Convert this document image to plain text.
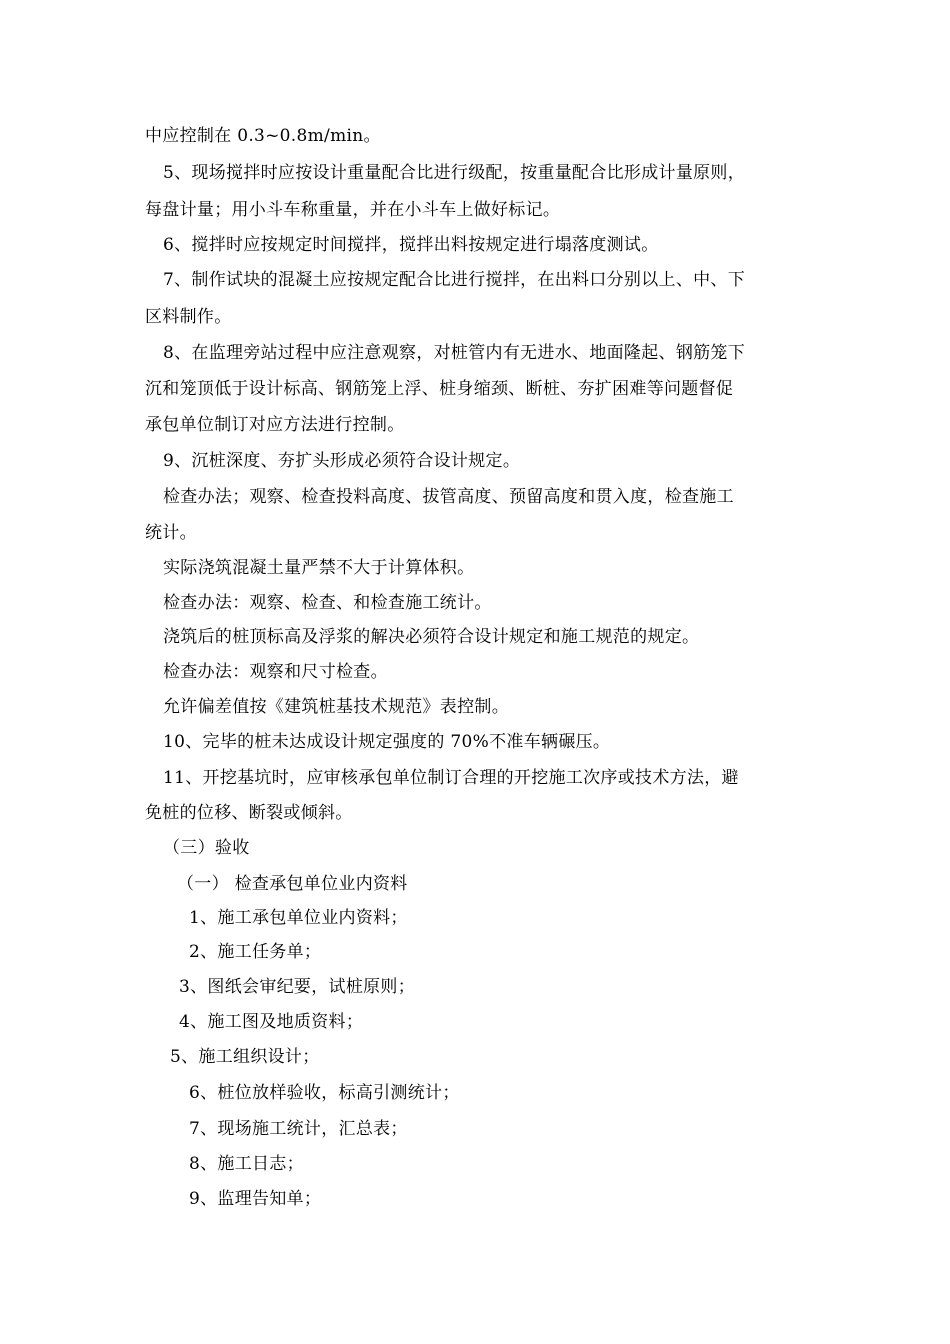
中应控制在 0.3~0.8m/min。
5、现场搅拌时应按设计重量配合比进行级配，按重量配合比形成计量原则，
每盘计量；用小斗车称重量，并在小斗车上做好标记。
6、搅拌时应按规定时间搅拌，搅拌出料按规定进行塌落度测试。
7、制作试块的混凝土应按规定配合比进行搅拌，在出料口分别以上、中、下
区料制作。
8、在监理旁站过程中应注意观察，对桩管内有无进水、地面隆起、钢筋笼下
沉和笼顶低于设计标高、钢筋笼上浮、桩身缩颈、断桩、夯扩困难等问题督促
承包单位制订对应方法进行控制。
9、沉桩深度、夯扩头形成必须符合设计规定。
检查办法；观察、检查投料高度、拔管高度、预留高度和贯入度，检查施工
统计。
实际浇筑混凝土量严禁不大于计算体积。
检查办法：观察、检查、和检查施工统计。
浇筑后的桩顶标高及浮浆的解决必须符合设计规定和施工规范的规定。
检查办法：观察和尺寸检查。
允许偏差值按《建筑桩基技术规范》表控制。
10、完毕的桩未达成设计规定强度的 70%不准车辆碾压。
11、开挖基坑时，应审核承包单位制订合理的开挖施工次序或技术方法，避
免桩的位移、断裂或倾斜。
（三）验收
（一） 检查承包单位业内资料
1、施工承包单位业内资料；
2、施工任务单；
3、图纸会审纪要，试桩原则；
4、施工图及地质资料；
5、施工组织设计；
6、桩位放样验收，标高引测统计；
7、现场施工统计，汇总表；
8、施工日志；
9、监理告知单；
